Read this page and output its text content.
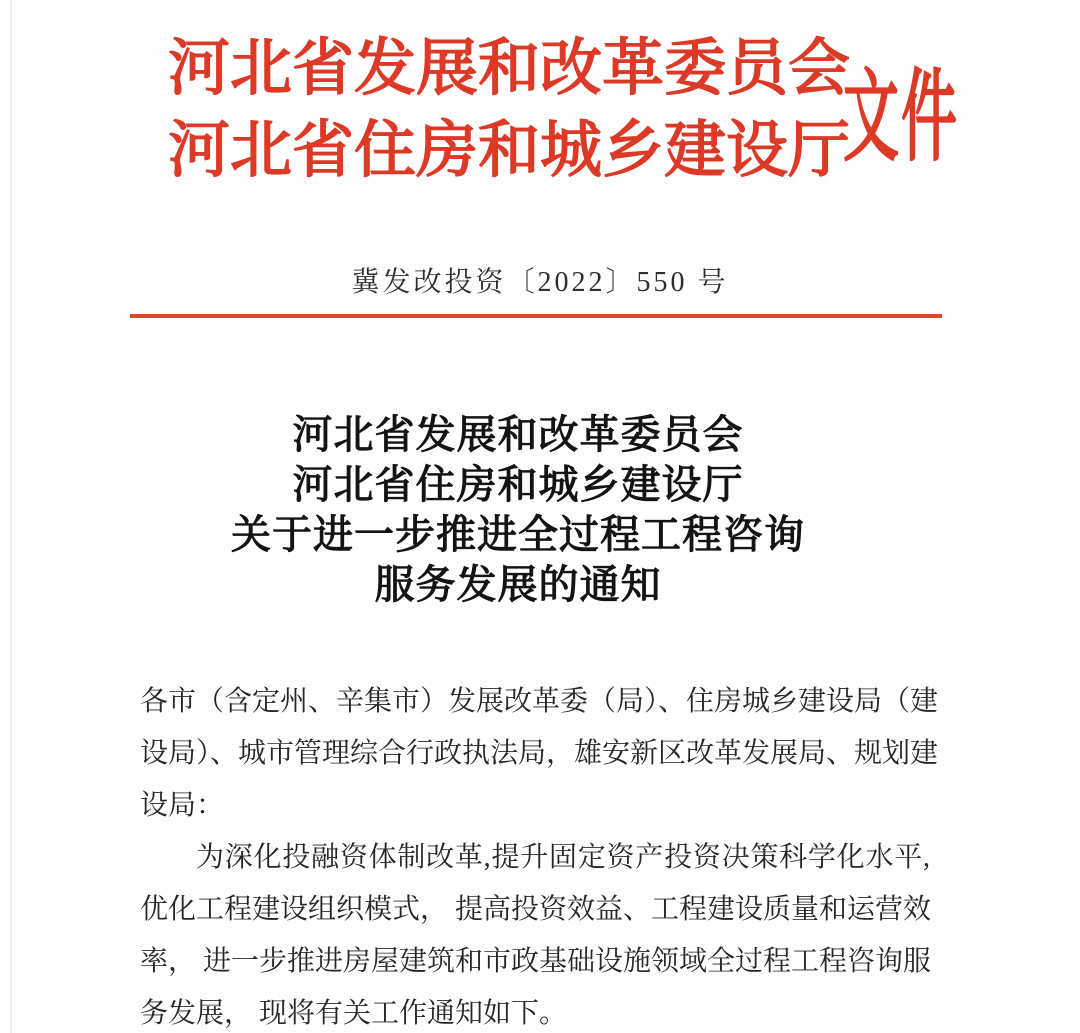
河北省发展和改革委员会
河北省住房和城乡建设厅
文件
冀发改投资〔2022〕550 号
河北省发展和改革委员会
河北省住房和城乡建设厅
关于进一步推进全过程工程咨询
服务发展的通知
各市（含定州、辛集市）发展改革委（局）、住房城乡建设局（建
设局）、城市管理综合行政执法局，雄安新区改革发展局、规划建
设局：
为深化投融资体制改革,提升固定资产投资决策科学化水平,
优化工程建设组织模式， 提高投资效益、工程建设质量和运营效
率， 进一步推进房屋建筑和市政基础设施领域全过程工程咨询服
务发展， 现将有关工作通知如下。
